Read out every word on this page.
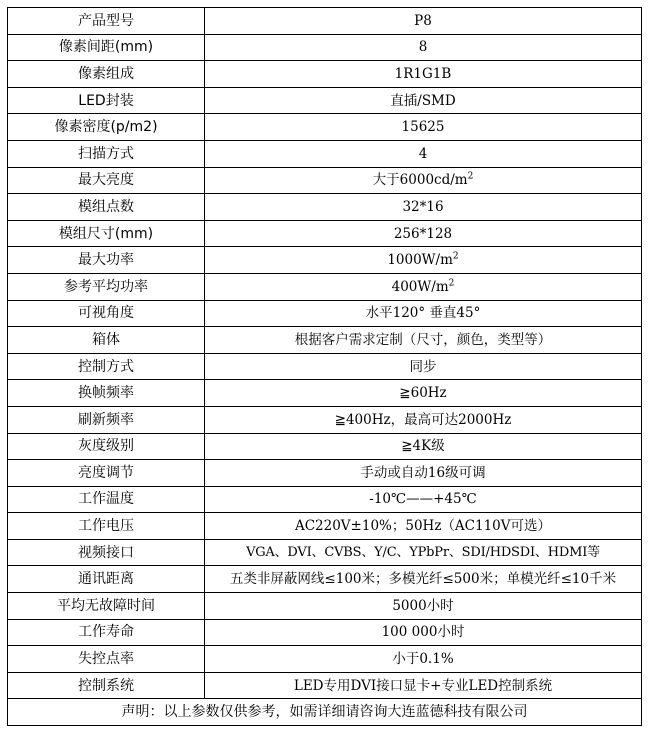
产品型号	P8
像素间距(mm)	8
像素组成	1R1G1B
LED封装	直插/SMD
像素密度(p/m2)	15625
扫描方式	4
最大亮度	大于$6000cd/m^2$
模组点数	32*16
模组尺寸(mm)	256*128
最大功率	$1000W/m^2$
参考平均功率	$400W/m^2$
可视角度	水平120° 垂直45°
箱体	根据客户需求定制（尺寸，颜色，类型等）
控制方式	同步
换帧频率	≧60Hz
刷新频率	≧400Hz，最高可达2000Hz
灰度级别	≧4K级
亮度调节	手动或自动16级可调
工作温度	-10℃——+45℃
工作电压	AC220V±10%；50Hz（AC110V可选）
视频接口	VGA、DVI、CVBS、Y/C、YPbPr、SDI/HDSDI、HDMI等
通讯距离	五类非屏蔽网线≤100米；多模光纤≤500米；单模光纤≤10千米
平均无故障时间	5000小时
工作寿命	100 000小时
失控点率	小于0.1%
控制系统	LED专用DVI接口显卡+专业LED控制系统
声明：以上参数仅供参考，如需详细请咨询大连蓝德科技有限公司	
